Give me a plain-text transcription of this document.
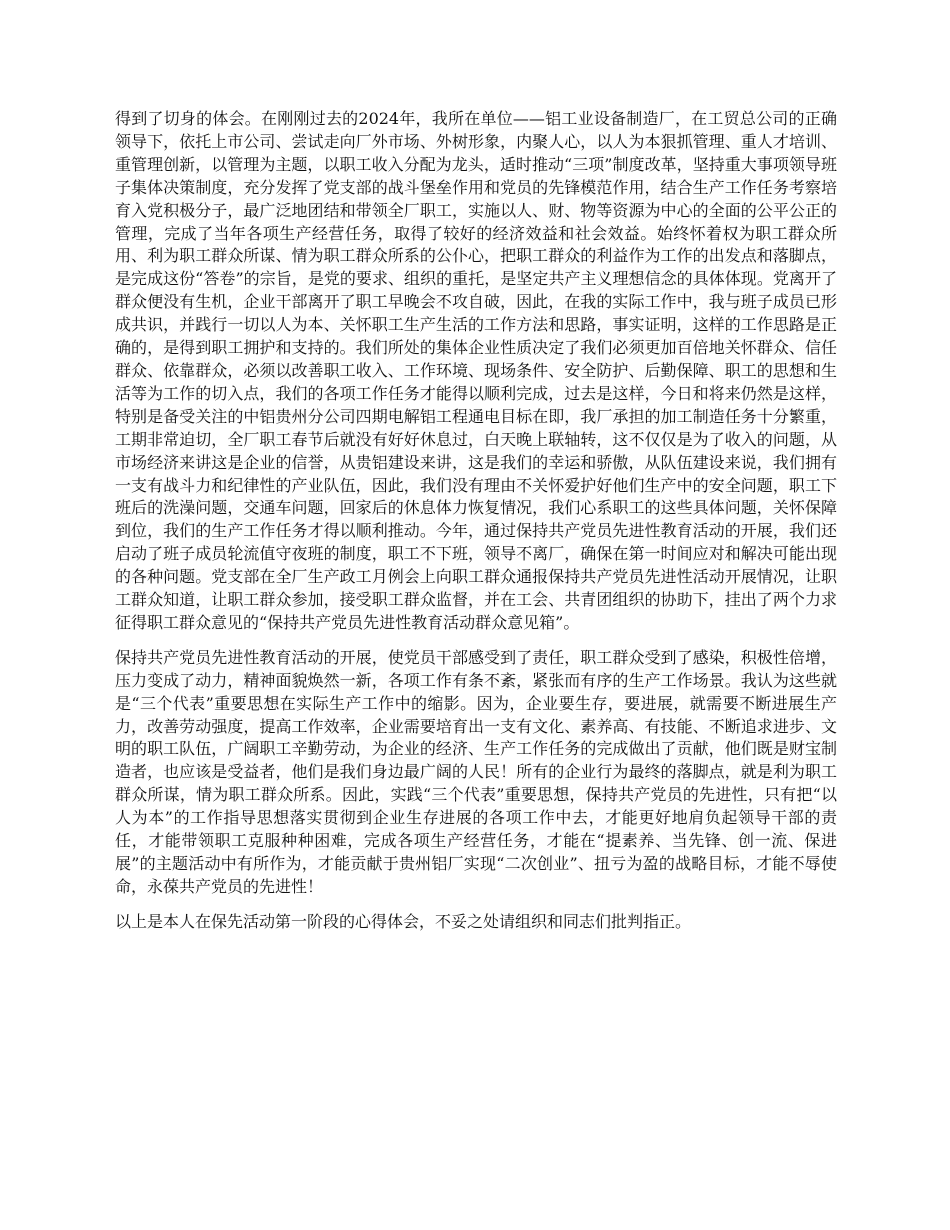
得到了切身的体会。在刚刚过去的2024年，我所在单位——铝工业设备制造厂，在工贸总公司的正确领导下，依托上市公司、尝试走向厂外市场、外树形象，内聚人心，以人为本狠抓管理、重人才培训、重管理创新，以管理为主题，以职工收入分配为龙头，适时推动“三项”制度改革，坚持重大事项领导班子集体决策制度，充分发挥了党支部的战斗堡垒作用和党员的先锋模范作用，结合生产工作任务考察培育入党积极分子，最广泛地团结和带领全厂职工，实施以人、财、物等资源为中心的全面的公平公正的管理，完成了当年各项生产经营任务，取得了较好的经济效益和社会效益。始终怀着权为职工群众所用、利为职工群众所谋、情为职工群众所系的公仆心，把职工群众的利益作为工作的出发点和落脚点，是完成这份“答卷”的宗旨，是党的要求、组织的重托，是坚定共产主义理想信念的具体体现。党离开了群众便没有生机，企业干部离开了职工早晚会不攻自破，因此，在我的实际工作中，我与班子成员已形成共识，并践行一切以人为本、关怀职工生产生活的工作方法和思路，事实证明，这样的工作思路是正确的，是得到职工拥护和支持的。我们所处的集体企业性质决定了我们必须更加百倍地关怀群众、信任群众、依靠群众，必须以改善职工收入、工作环境、现场条件、安全防护、后勤保障、职工的思想和生活等为工作的切入点，我们的各项工作任务才能得以顺利完成，过去是这样，今日和将来仍然是这样，特别是备受关注的中铝贵州分公司四期电解铝工程通电目标在即，我厂承担的加工制造任务十分繁重，工期非常迫切，全厂职工春节后就没有好好休息过，白天晚上联轴转，这不仅仅是为了收入的问题，从市场经济来讲这是企业的信誉，从贵铝建设来讲，这是我们的幸运和骄傲，从队伍建设来说，我们拥有一支有战斗力和纪律性的产业队伍，因此，我们没有理由不关怀爱护好他们生产中的安全问题，职工下班后的洗澡问题，交通车问题，回家后的休息体力恢复情况，我们心系职工的这些具体问题，关怀保障到位，我们的生产工作任务才得以顺利推动。今年，通过保持共产党员先进性教育活动的开展，我们还启动了班子成员轮流值守夜班的制度，职工不下班，领导不离厂，确保在第一时间应对和解决可能出现的各种问题。党支部在全厂生产政工月例会上向职工群众通报保持共产党员先进性活动开展情况，让职工群众知道，让职工群众参加，接受职工群众监督，并在工会、共青团组织的协助下，挂出了两个力求征得职工群众意见的“保持共产党员先进性教育活动群众意见箱”。

保持共产党员先进性教育活动的开展，使党员干部感受到了责任，职工群众受到了感染，积极性倍增，压力变成了动力，精神面貌焕然一新，各项工作有条不紊，紧张而有序的生产工作场景。我认为这些就是“三个代表”重要思想在实际生产工作中的缩影。因为，企业要生存，要进展，就需要不断进展生产力，改善劳动强度，提高工作效率，企业需要培育出一支有文化、素养高、有技能、不断追求进步、文明的职工队伍，广阔职工辛勤劳动，为企业的经济、生产工作任务的完成做出了贡献，他们既是财宝制造者，也应该是受益者，他们是我们身边最广阔的人民！所有的企业行为最终的落脚点，就是利为职工群众所谋，情为职工群众所系。因此，实践“三个代表”重要思想，保持共产党员的先进性，只有把“以人为本”的工作指导思想落实贯彻到企业生存进展的各项工作中去，才能更好地肩负起领导干部的责任，才能带领职工克服种种困难，完成各项生产经营任务，才能在“提素养、当先锋、创一流、保进展”的主题活动中有所作为，才能贡献于贵州铝厂实现“二次创业”、扭亏为盈的战略目标，才能不辱使命，永葆共产党员的先进性！

以上是本人在保先活动第一阶段的心得体会，不妥之处请组织和同志们批判指正。
